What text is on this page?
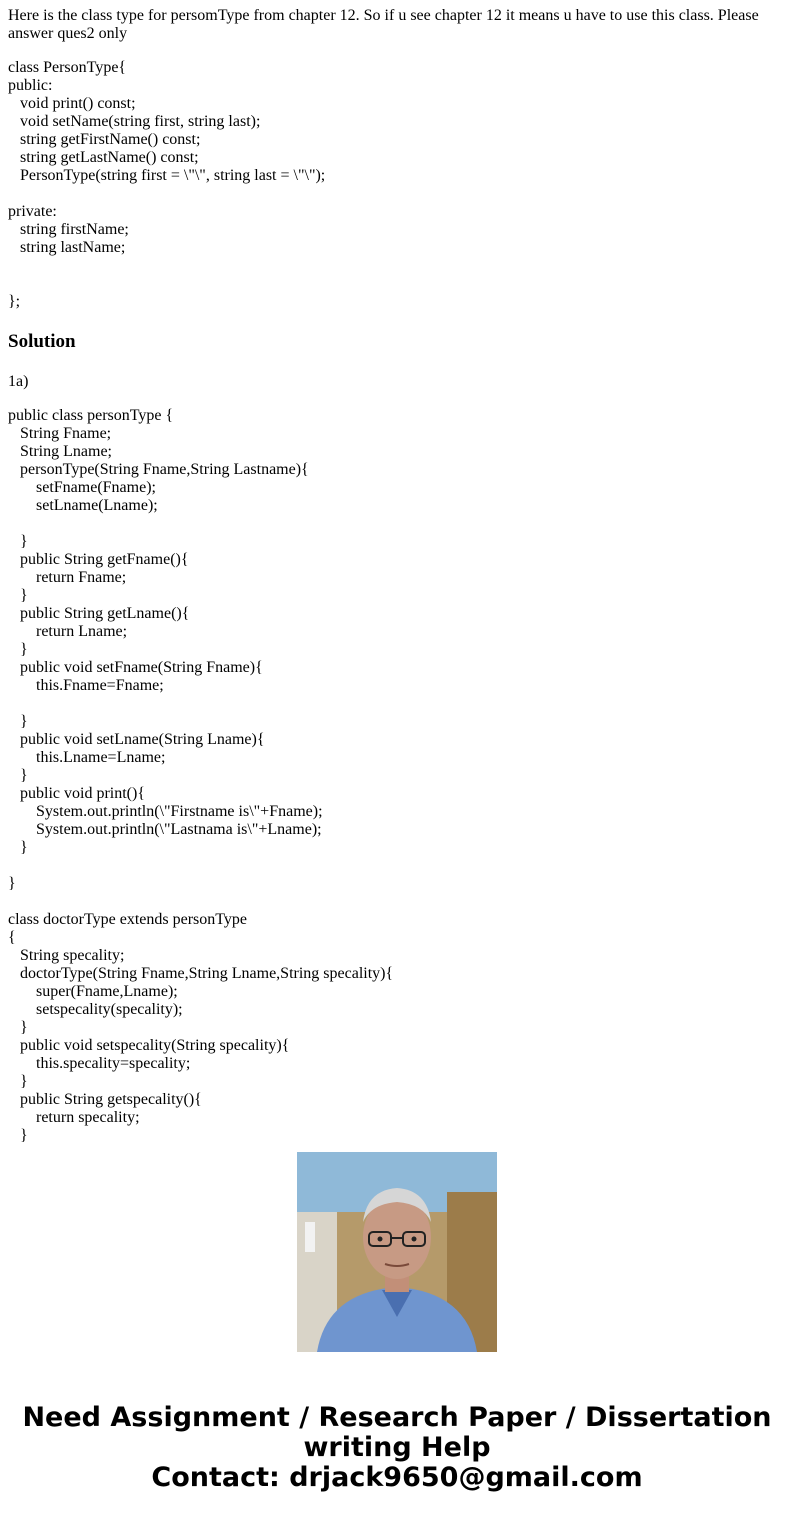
Here is the class type for persomType from chapter 12. So if u see chapter 12 it means u have to use this class. Please answer ques2 only

class PersonType{
public:
void print() const;
void setName(string first, string last);
string getFirstName() const;
string getLastName() const;
PersonType(string first = \"\", string last = \"\");

private:
string firstName;
string lastName;

};
Solution

1a)

public class personType {
String Fname;
String Lname;
personType(String Fname,String Lastname){
setFname(Fname);
setLname(Lname);

}
public String getFname(){
return Fname;
}
public String getLname(){
return Lname;
}
public void setFname(String Fname){
this.Fname=Fname;

}
public void setLname(String Lname){
this.Lname=Lname;
}
public void print(){
System.out.println(\"Firstname is\"+Fname);
System.out.println(\"Lastnama is\"+Lname);
}

}

class doctorType extends personType
{
String specality;
doctorType(String Fname,String Lname,String specality){
super(Fname,Lname);
setspecality(specality);
}
public void setspecality(String specality){
this.specality=specality;
}
public String getspecality(){
return specality;
}
Need Assignment / Research Paper / Dissertation
writing Help
Contact: drjack9650@gmail.com
